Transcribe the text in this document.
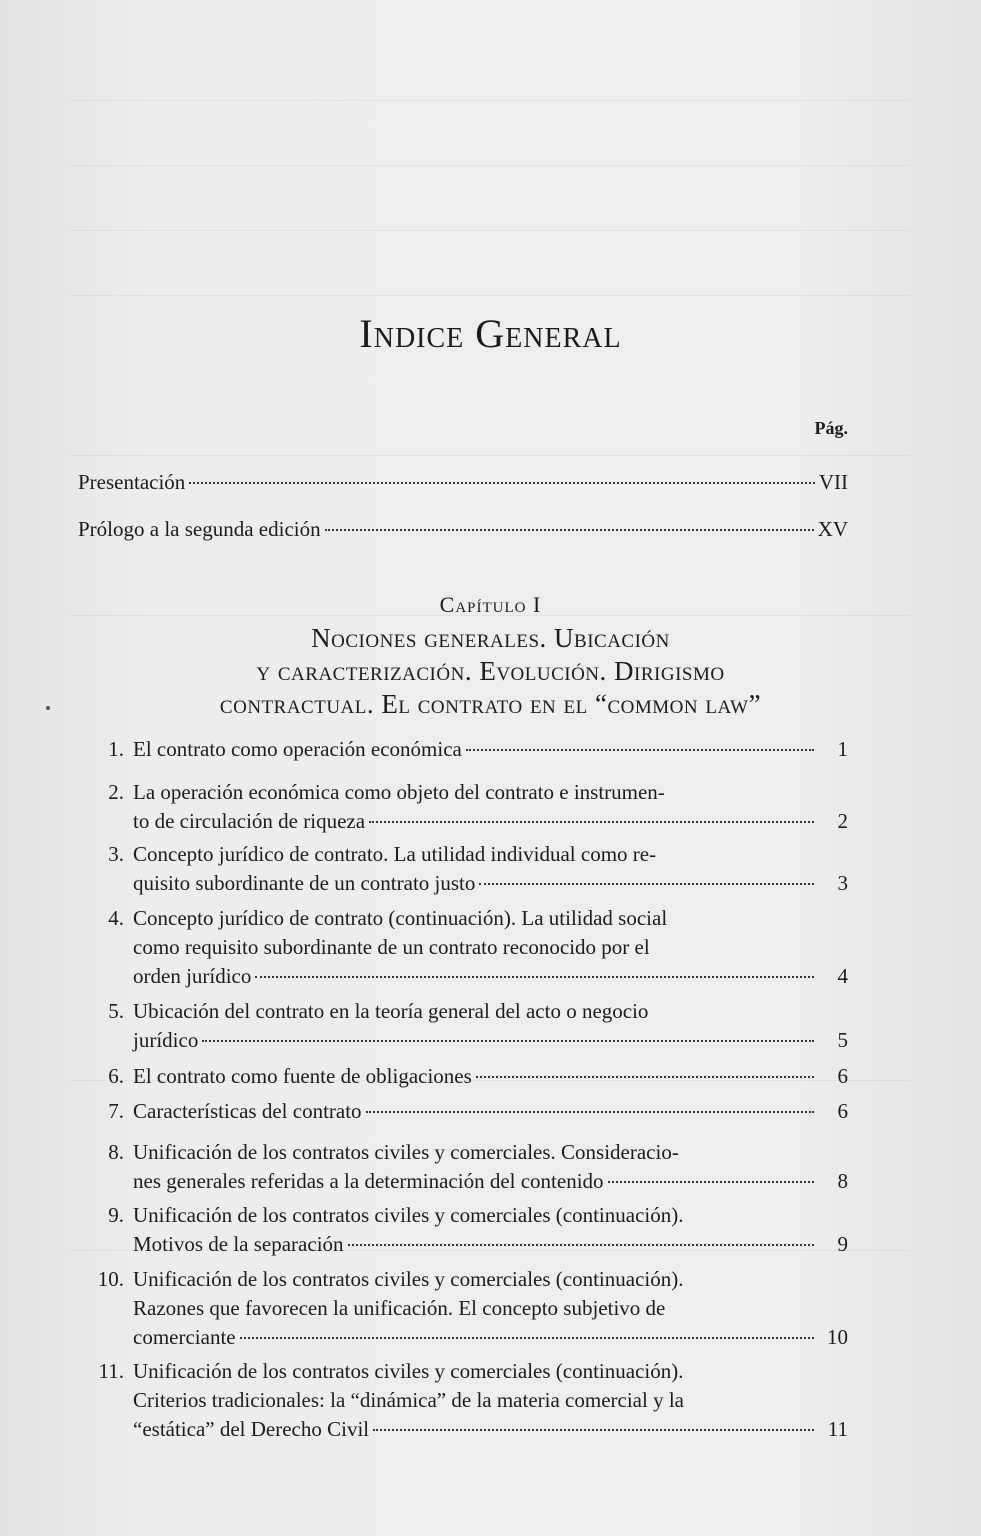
Indice General
Pág.
Presentación	VII
Prólogo a la segunda edición	XV
Capítulo I
Nociones generales. Ubicación
y caracterización. Evolución. Dirigismo
contractual. El contrato en el “common law”
1. El contrato como operación económica	1
2. La operación económica como objeto del contrato e instrumen-
to de circulación de riqueza	2
3. Concepto jurídico de contrato. La utilidad individual como re-
quisito subordinante de un contrato justo	3
4. Concepto jurídico de contrato (continuación). La utilidad social
como requisito subordinante de un contrato reconocido por el
orden jurídico	4
5. Ubicación del contrato en la teoría general del acto o negocio
jurídico	5
6. El contrato como fuente de obligaciones	6
7. Características del contrato	6
8. Unificación de los contratos civiles y comerciales. Consideracio-
nes generales referidas a la determinación del contenido	8
9. Unificación de los contratos civiles y comerciales (continuación).
Motivos de la separación	9
10. Unificación de los contratos civiles y comerciales (continuación).
Razones que favorecen la unificación. El concepto subjetivo de
comerciante	10
11. Unificación de los contratos civiles y comerciales (continuación).
Criterios tradicionales: la “dinámica” de la materia comercial y la
“estática” del Derecho Civil	11
